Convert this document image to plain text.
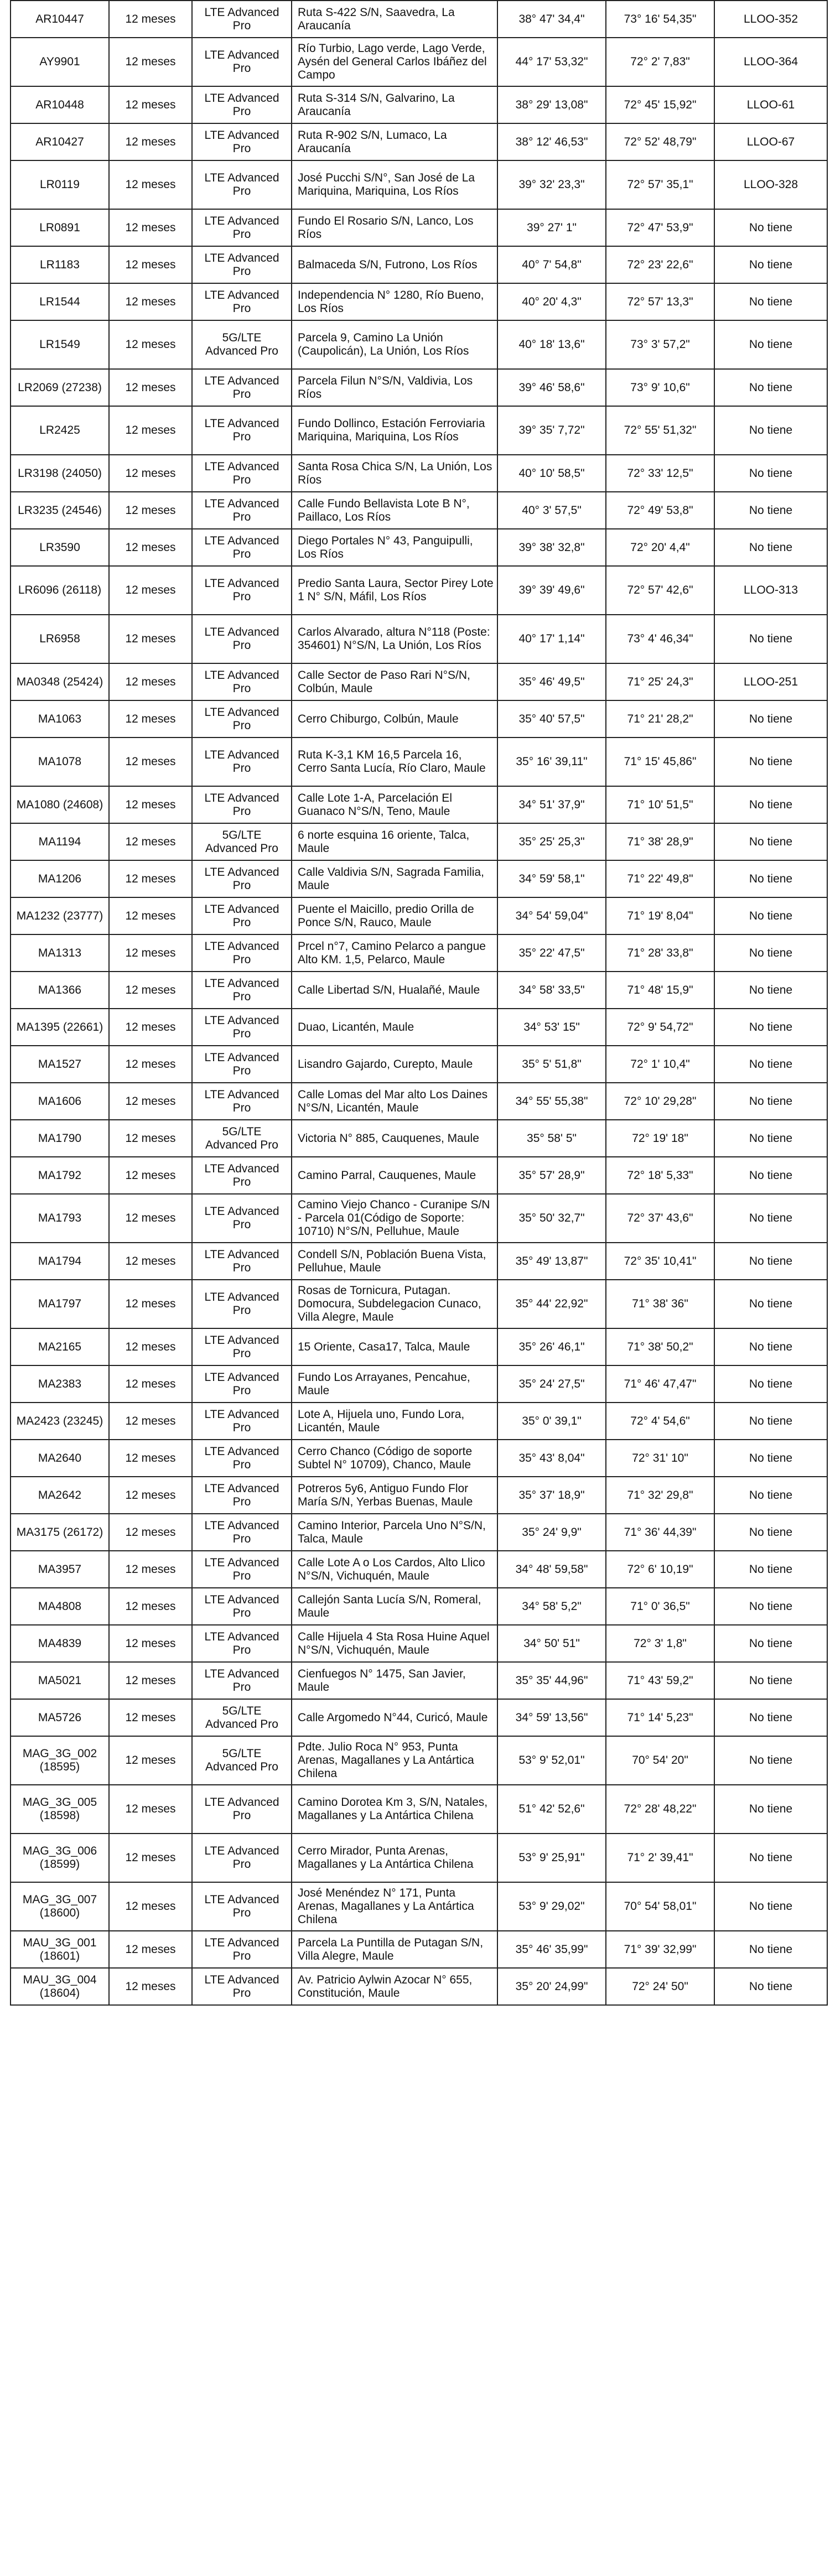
AR10447	12 meses	LTE Advanced Pro	Ruta S-422 S/N, Saavedra, La Araucanía	38° 47' 34,4"	73° 16' 54,35"	LLOO-352
AY9901	12 meses	LTE Advanced Pro	Río Turbio, Lago verde, Lago Verde, Aysén del General Carlos Ibáñez del Campo	44° 17' 53,32"	72° 2' 7,83"	LLOO-364
AR10448	12 meses	LTE Advanced Pro	Ruta S-314 S/N, Galvarino, La Araucanía	38° 29' 13,08"	72° 45' 15,92"	LLOO-61
AR10427	12 meses	LTE Advanced Pro	Ruta R-902 S/N, Lumaco, La Araucanía	38° 12' 46,53"	72° 52' 48,79"	LLOO-67
LR0119	12 meses	LTE Advanced Pro	José Pucchi S/N°, San José de La Mariquina, Mariquina, Los Ríos	39° 32' 23,3"	72° 57' 35,1"	LLOO-328
LR0891	12 meses	LTE Advanced Pro	Fundo El Rosario S/N, Lanco, Los Ríos	39° 27' 1"	72° 47' 53,9"	No tiene
LR1183	12 meses	LTE Advanced Pro	Balmaceda S/N, Futrono, Los Ríos	40° 7' 54,8"	72° 23' 22,6"	No tiene
LR1544	12 meses	LTE Advanced Pro	Independencia N° 1280, Río Bueno, Los Ríos	40° 20' 4,3"	72° 57' 13,3"	No tiene
LR1549	12 meses	5G/LTE Advanced Pro	Parcela 9, Camino La Unión (Caupolicán), La Unión, Los Ríos	40° 18' 13,6"	73° 3' 57,2"	No tiene
LR2069 (27238)	12 meses	LTE Advanced Pro	Parcela Filun N°S/N, Valdivia, Los Ríos	39° 46' 58,6"	73° 9' 10,6"	No tiene
LR2425	12 meses	LTE Advanced Pro	Fundo Dollinco, Estación Ferroviaria Mariquina, Mariquina, Los Ríos	39° 35' 7,72"	72° 55' 51,32"	No tiene
LR3198 (24050)	12 meses	LTE Advanced Pro	Santa Rosa Chica S/N, La Unión, Los Ríos	40° 10' 58,5"	72° 33' 12,5"	No tiene
LR3235 (24546)	12 meses	LTE Advanced Pro	Calle Fundo Bellavista Lote B N°, Paillaco, Los Ríos	40° 3' 57,5"	72° 49' 53,8"	No tiene
LR3590	12 meses	LTE Advanced Pro	Diego Portales N° 43, Panguipulli, Los Ríos	39° 38' 32,8"	72° 20' 4,4"	No tiene
LR6096 (26118)	12 meses	LTE Advanced Pro	Predio Santa Laura, Sector Pirey Lote 1 N° S/N, Máfil, Los Ríos	39° 39' 49,6"	72° 57' 42,6"	LLOO-313
LR6958	12 meses	LTE Advanced Pro	Carlos Alvarado, altura N°118 (Poste: 354601) N°S/N, La Unión, Los Ríos	40° 17' 1,14"	73° 4' 46,34"	No tiene
MA0348 (25424)	12 meses	LTE Advanced Pro	Calle Sector de Paso Rari N°S/N, Colbún, Maule	35° 46' 49,5"	71° 25' 24,3"	LLOO-251
MA1063	12 meses	LTE Advanced Pro	Cerro Chiburgo, Colbún, Maule	35° 40' 57,5"	71° 21' 28,2"	No tiene
MA1078	12 meses	LTE Advanced Pro	Ruta K-3,1 KM 16,5 Parcela 16, Cerro Santa Lucía, Río Claro, Maule	35° 16' 39,11"	71° 15' 45,86"	No tiene
MA1080 (24608)	12 meses	LTE Advanced Pro	Calle Lote 1-A, Parcelación El Guanaco N°S/N, Teno, Maule	34° 51' 37,9"	71° 10' 51,5"	No tiene
MA1194	12 meses	5G/LTE Advanced Pro	6 norte esquina 16 oriente, Talca, Maule	35° 25' 25,3"	71° 38' 28,9"	No tiene
MA1206	12 meses	LTE Advanced Pro	Calle Valdivia S/N, Sagrada Familia, Maule	34° 59' 58,1"	71° 22' 49,8"	No tiene
MA1232 (23777)	12 meses	LTE Advanced Pro	Puente el Maicillo, predio Orilla de Ponce S/N, Rauco, Maule	34° 54' 59,04"	71° 19' 8,04"	No tiene
MA1313	12 meses	LTE Advanced Pro	Prcel n°7, Camino Pelarco a pangue Alto KM. 1,5, Pelarco, Maule	35° 22' 47,5"	71° 28' 33,8"	No tiene
MA1366	12 meses	LTE Advanced Pro	Calle Libertad S/N, Hualañé, Maule	34° 58' 33,5"	71° 48' 15,9"	No tiene
MA1395 (22661)	12 meses	LTE Advanced Pro	Duao, Licantén, Maule	34° 53' 15"	72° 9' 54,72"	No tiene
MA1527	12 meses	LTE Advanced Pro	Lisandro Gajardo, Curepto, Maule	35° 5' 51,8"	72° 1' 10,4"	No tiene
MA1606	12 meses	LTE Advanced Pro	Calle Lomas del Mar alto Los Daines N°S/N, Licantén, Maule	34° 55' 55,38"	72° 10' 29,28"	No tiene
MA1790	12 meses	5G/LTE Advanced Pro	Victoria N° 885, Cauquenes, Maule	35° 58' 5"	72° 19' 18"	No tiene
MA1792	12 meses	LTE Advanced Pro	Camino Parral, Cauquenes, Maule	35° 57' 28,9"	72° 18' 5,33"	No tiene
MA1793	12 meses	LTE Advanced Pro	Camino Viejo Chanco - Curanipe S/N - Parcela 01(Código de Soporte: 10710) N°S/N, Pelluhue, Maule	35° 50' 32,7"	72° 37' 43,6"	No tiene
MA1794	12 meses	LTE Advanced Pro	Condell S/N, Población Buena Vista, Pelluhue, Maule	35° 49' 13,87"	72° 35' 10,41"	No tiene
MA1797	12 meses	LTE Advanced Pro	Rosas de Tornicura, Putagan. Domocura, Subdelegacion Cunaco, Villa Alegre, Maule	35° 44' 22,92"	71° 38' 36"	No tiene
MA2165	12 meses	LTE Advanced Pro	15 Oriente, Casa17, Talca, Maule	35° 26' 46,1"	71° 38' 50,2"	No tiene
MA2383	12 meses	LTE Advanced Pro	Fundo Los Arrayanes, Pencahue, Maule	35° 24' 27,5"	71° 46' 47,47"	No tiene
MA2423 (23245)	12 meses	LTE Advanced Pro	Lote A, Hijuela uno, Fundo Lora, Licantén, Maule	35° 0' 39,1"	72° 4' 54,6"	No tiene
MA2640	12 meses	LTE Advanced Pro	Cerro Chanco (Código de soporte Subtel N° 10709), Chanco, Maule	35° 43' 8,04"	72° 31' 10"	No tiene
MA2642	12 meses	LTE Advanced Pro	Potreros 5y6, Antiguo Fundo Flor María S/N, Yerbas Buenas, Maule	35° 37' 18,9"	71° 32' 29,8"	No tiene
MA3175 (26172)	12 meses	LTE Advanced Pro	Camino Interior, Parcela Uno N°S/N, Talca, Maule	35° 24' 9,9"	71° 36' 44,39"	No tiene
MA3957	12 meses	LTE Advanced Pro	Calle Lote A o Los Cardos, Alto Llico N°S/N, Vichuquén, Maule	34° 48' 59,58"	72° 6' 10,19"	No tiene
MA4808	12 meses	LTE Advanced Pro	Callejón Santa Lucía S/N, Romeral, Maule	34° 58' 5,2"	71° 0' 36,5"	No tiene
MA4839	12 meses	LTE Advanced Pro	Calle Hijuela 4 Sta Rosa Huine Aquel N°S/N, Vichuquén, Maule	34° 50' 51"	72° 3' 1,8"	No tiene
MA5021	12 meses	LTE Advanced Pro	Cienfuegos N° 1475, San Javier, Maule	35° 35' 44,96"	71° 43' 59,2"	No tiene
MA5726	12 meses	5G/LTE Advanced Pro	Calle Argomedo N°44, Curicó, Maule	34° 59' 13,56"	71° 14' 5,23"	No tiene
MAG_3G_002 (18595)	12 meses	5G/LTE Advanced Pro	Pdte. Julio Roca N° 953, Punta Arenas, Magallanes y La Antártica Chilena	53° 9' 52,01"	70° 54' 20"	No tiene
MAG_3G_005 (18598)	12 meses	LTE Advanced Pro	Camino Dorotea Km 3, S/N, Natales, Magallanes y La Antártica Chilena	51° 42' 52,6"	72° 28' 48,22"	No tiene
MAG_3G_006 (18599)	12 meses	LTE Advanced Pro	Cerro Mirador, Punta Arenas, Magallanes y La Antártica Chilena	53° 9' 25,91"	71° 2' 39,41"	No tiene
MAG_3G_007 (18600)	12 meses	LTE Advanced Pro	José Menéndez N° 171, Punta Arenas, Magallanes y La Antártica Chilena	53° 9' 29,02"	70° 54' 58,01"	No tiene
MAU_3G_001 (18601)	12 meses	LTE Advanced Pro	Parcela La Puntilla de Putagan S/N, Villa Alegre, Maule	35° 46' 35,99"	71° 39' 32,99"	No tiene
MAU_3G_004 (18604)	12 meses	LTE Advanced Pro	Av. Patricio Aylwin Azocar N° 655, Constitución, Maule	35° 20' 24,99"	72° 24' 50"	No tiene
